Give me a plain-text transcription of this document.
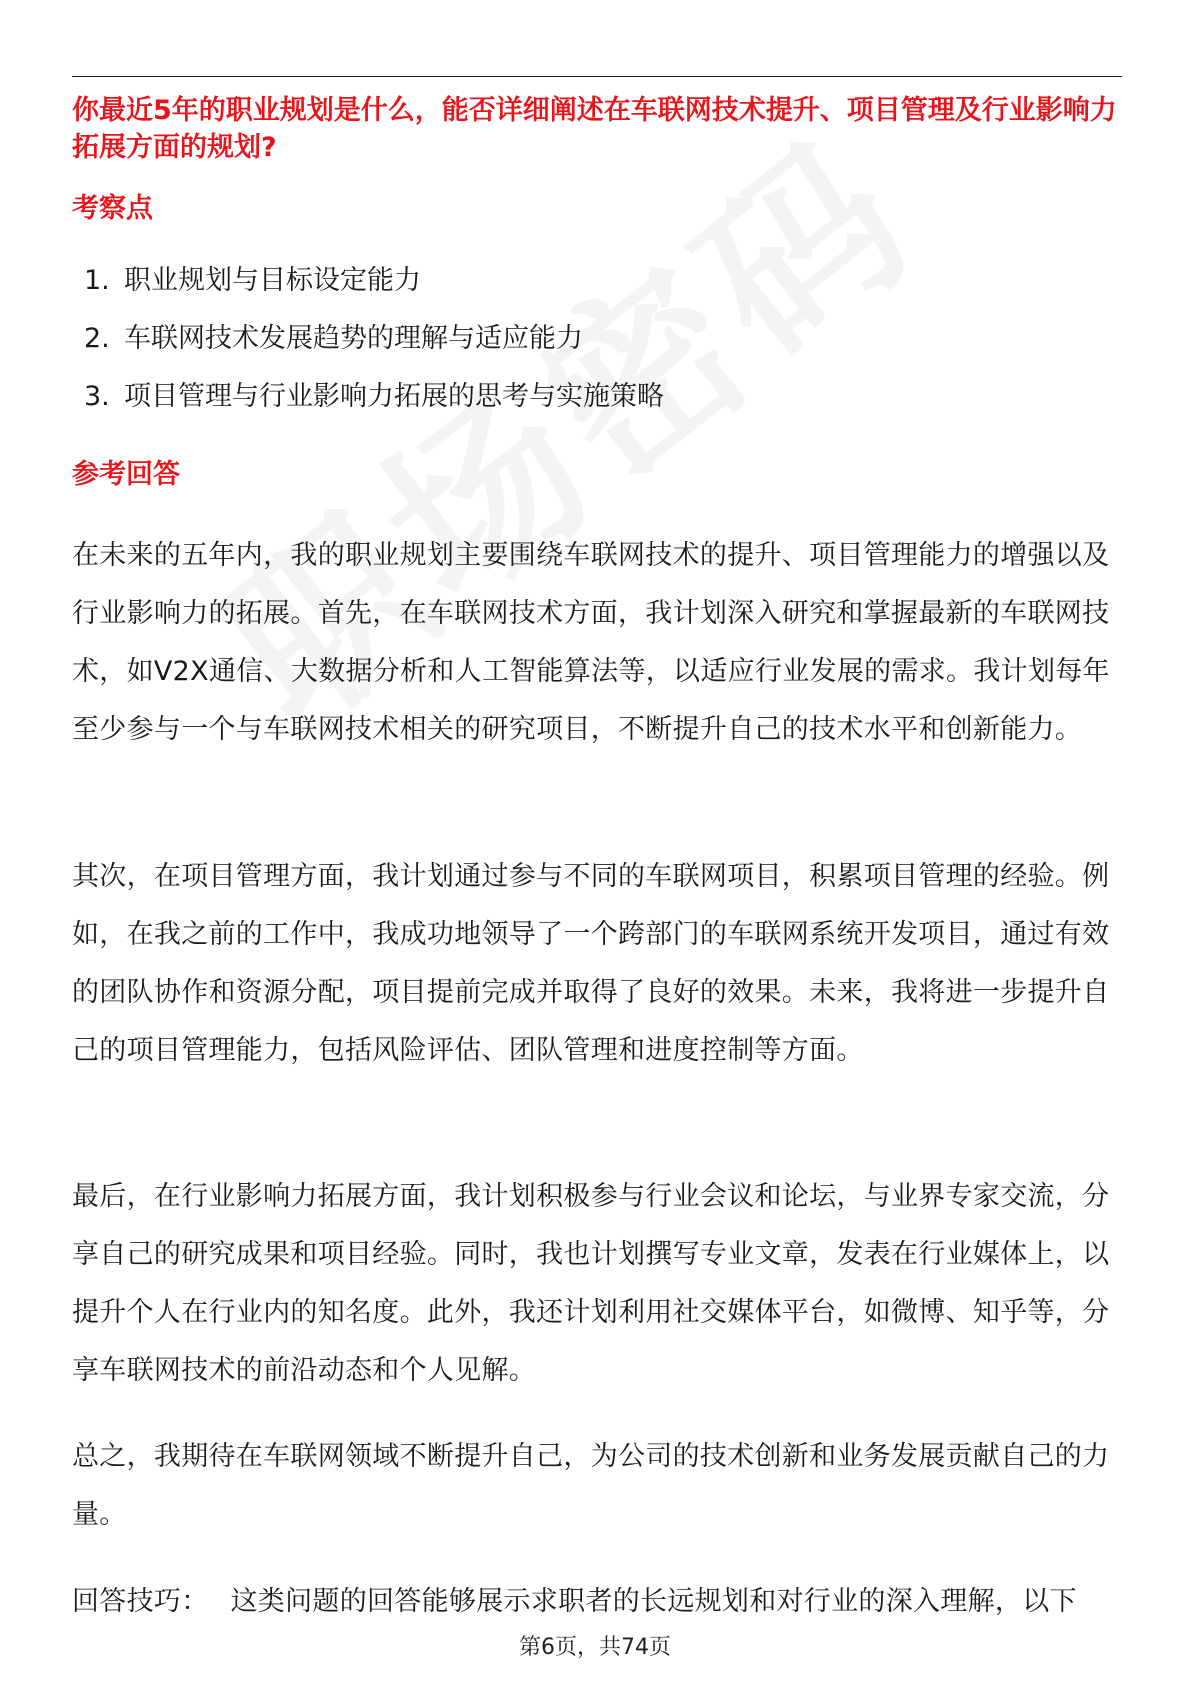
你最近5年的职业规划是什么，能否详细阐述在车联网技术提升、项目管理及行业影响力拓展方面的规划?
考察点
1. 职业规划与目标设定能力
2. 车联网技术发展趋势的理解与适应能力
3. 项目管理与行业影响力拓展的思考与实施策略
参考回答

在未来的五年内，我的职业规划主要围绕车联网技术的提升、项目管理能力的增强以及行业影响力的拓展。首先，在车联网技术方面，我计划深入研究和掌握最新的车联网技术，如V2X通信、大数据分析和人工智能算法等，以适应行业发展的需求。我计划每年至少参与一个与车联网技术相关的研究项目，不断提升自己的技术水平和创新能力。

其次，在项目管理方面，我计划通过参与不同的车联网项目，积累项目管理的经验。例如，在我之前的工作中，我成功地领导了一个跨部门的车联网系统开发项目，通过有效的团队协作和资源分配，项目提前完成并取得了良好的效果。未来，我将进一步提升自己的项目管理能力，包括风险评估、团队管理和进度控制等方面。

最后，在行业影响力拓展方面，我计划积极参与行业会议和论坛，与业界专家交流，分享自己的研究成果和项目经验。同时，我也计划撰写专业文章，发表在行业媒体上，以提升个人在行业内的知名度。此外，我还计划利用社交媒体平台，如微博、知乎等，分享车联网技术的前沿动态和个人见解。

总之，我期待在车联网领域不断提升自己，为公司的技术创新和业务发展贡献自己的力量。

回答技巧： 这类问题的回答能够展示求职者的长远规划和对行业的深入理解，以下

第6页，共74页
